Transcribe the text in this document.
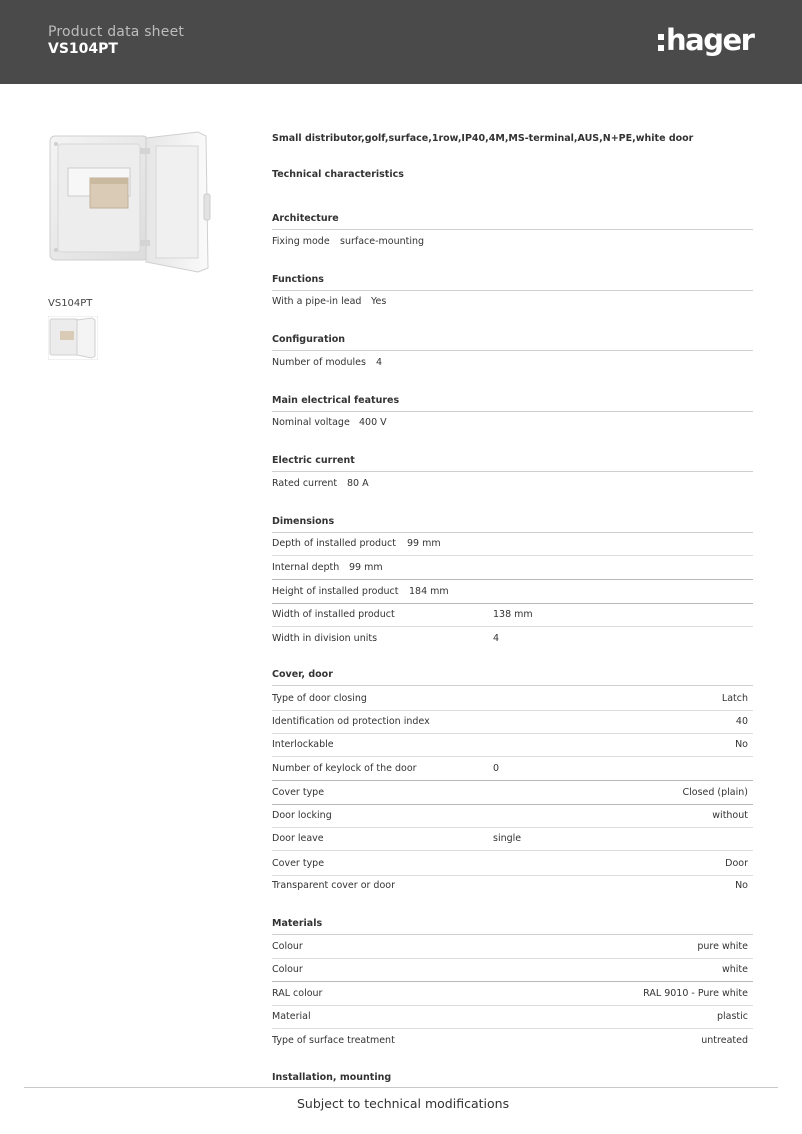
Product data sheet
VS104PT	hager
VS104PT
Small distributor,golf,surface,1row,IP40,4M,MS-terminal,AUS,N+PE,white door
Technical characteristics
Architecture
Fixing mode surface-mounting
Functions
With a pipe-in lead Yes
Configuration
Number of modules 4
Main electrical features
Nominal voltage 400 V
Electric current
Rated current 80 A
Dimensions
Depth of installed product 99 mm
Internal depth 99 mm
Height of installed product 184 mm
Width of installed product	138 mm
Width in division units	4
Cover, door
Type of door closing	Latch
Identification od protection index	40
Interlockable	No
Number of keylock of the door	0
Cover type	Closed (plain)
Door locking	without
Door leave	single
Cover type	Door
Transparent cover or door	No
Materials
Colour	pure white
Colour	white
RAL colour	RAL 9010 - Pure white
Material	plastic
Type of surface treatment	untreated
Installation, mounting
Subject to technical modifications
